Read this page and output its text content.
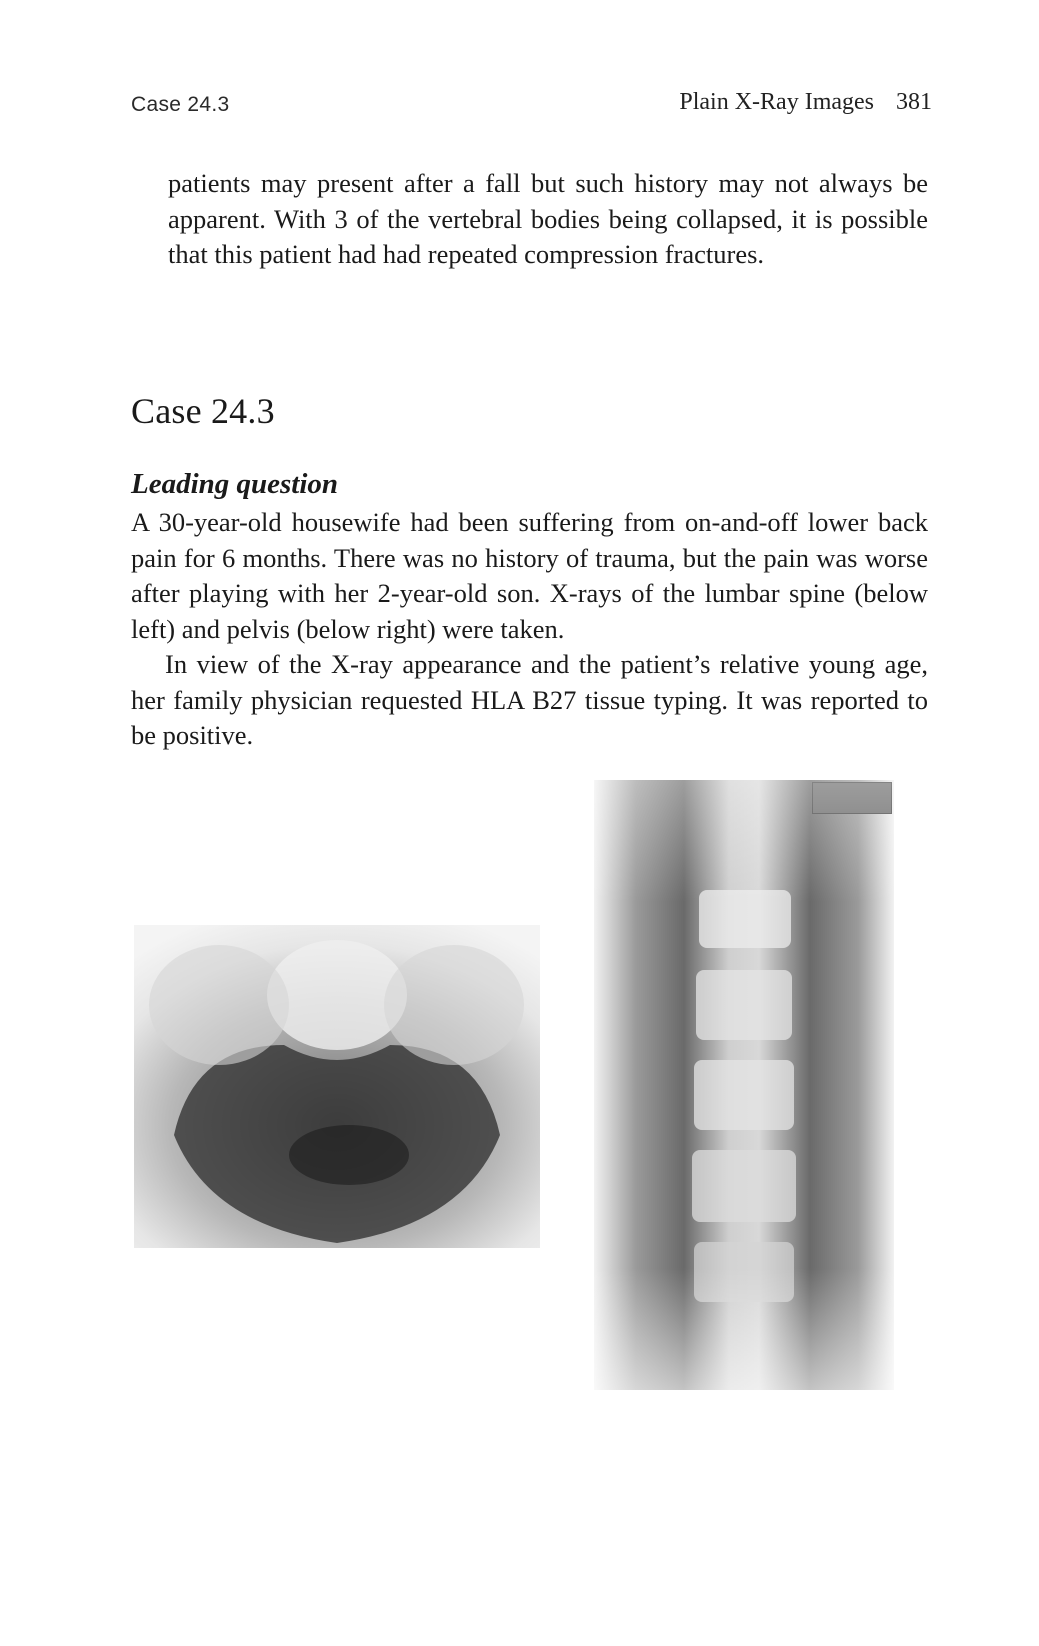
Case 24.3	Plain X-Ray Images 381

patients may present after a fall but such history may not always be apparent. With 3 of the vertebral bodies being collapsed, it is possible that this patient had had repeated compression fractures.

Case 24.3
Leading question

A 30-year-old housewife had been suffering from on-and-off lower back pain for 6 months. There was no history of trauma, but the pain was worse after playing with her 2-year-old son. X-rays of the lumbar spine (below left) and pelvis (below right) were taken.

In view of the X-ray appearance and the patient’s relative young age, her family physician requested HLA B27 tissue typing. It was reported to be positive.
